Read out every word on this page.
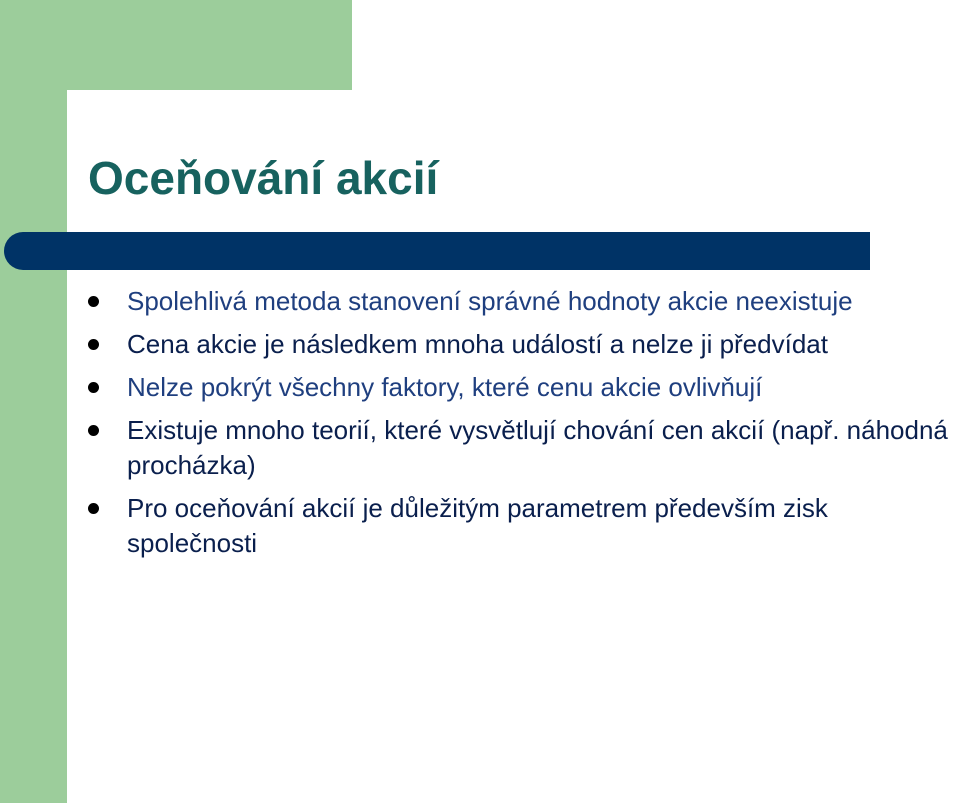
Oceňování akcií
Spolehlivá metoda stanovení správné hodnoty akcie neexistuje
Cena akcie je následkem mnoha událostí a nelze ji předvídat
Nelze pokrýt všechny faktory, které cenu akcie ovlivňují
Existuje mnoho teorií, které vysvětlují chování cen akcií (např. náhodná procházka)
Pro oceňování akcií je důležitým parametrem především zisk společnosti
